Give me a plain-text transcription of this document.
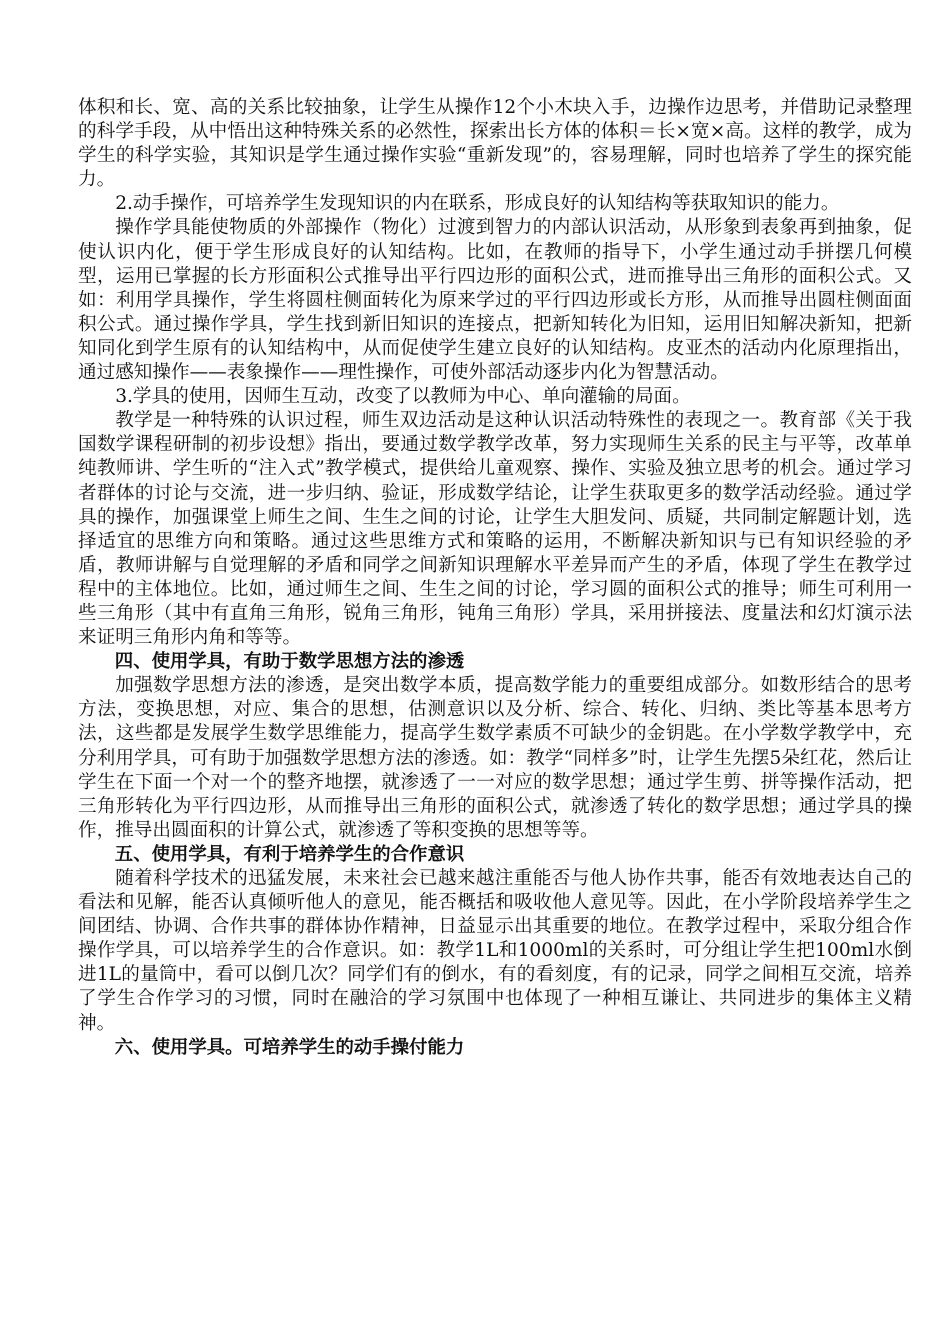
体积和长、宽、高的关系比较抽象，让学生从操作12个小木块入手，边操作边思考，并借助记录整理的科学手段，从中悟出这种特殊关系的必然性，探索出长方体的体积＝长×宽×高。这样的教学，成为学生的科学实验，其知识是学生通过操作实验“重新发现”的，容易理解，同时也培养了学生的探究能力。

2.动手操作，可培养学生发现知识的内在联系，形成良好的认知结构等获取知识的能力。

操作学具能使物质的外部操作（物化）过渡到智力的内部认识活动，从形象到表象再到抽象，促使认识内化，便于学生形成良好的认知结构。比如，在教师的指导下，小学生通过动手拼摆几何模型，运用已掌握的长方形面积公式推导出平行四边形的面积公式，进而推导出三角形的面积公式。又如：利用学具操作，学生将圆柱侧面转化为原来学过的平行四边形或长方形，从而推导出圆柱侧面面积公式。通过操作学具，学生找到新旧知识的连接点，把新知转化为旧知，运用旧知解决新知，把新知同化到学生原有的认知结构中，从而促使学生建立良好的认知结构。皮亚杰的活动内化原理指出，通过感知操作——表象操作——理性操作，可使外部活动逐步内化为智慧活动。

3.学具的使用，因师生互动，改变了以教师为中心、单向灌输的局面。

教学是一种特殊的认识过程，师生双边活动是这种认识活动特殊性的表现之一。教育部《关于我国数学课程研制的初步设想》指出，要通过数学教学改革，努力实现师生关系的民主与平等，改革单纯教师讲、学生听的“注入式”教学模式，提供给儿童观察、操作、实验及独立思考的机会。通过学习者群体的讨论与交流，进一步归纳、验证，形成数学结论，让学生获取更多的数学活动经验。通过学具的操作，加强课堂上师生之间、生生之间的讨论，让学生大胆发问、质疑，共同制定解题计划，选择适宜的思维方向和策略。通过这些思维方式和策略的运用，不断解决新知识与已有知识经验的矛盾，教师讲解与自觉理解的矛盾和同学之间新知识理解水平差异而产生的矛盾，体现了学生在教学过程中的主体地位。比如，通过师生之间、生生之间的讨论，学习圆的面积公式的推导；师生可利用一些三角形（其中有直角三角形，锐角三角形，钝角三角形）学具，采用拼接法、度量法和幻灯演示法来证明三角形内角和等等。

四、使用学具，有助于数学思想方法的渗透

加强数学思想方法的渗透，是突出数学本质，提高数学能力的重要组成部分。如数形结合的思考方法，变换思想，对应、集合的思想，估测意识以及分析、综合、转化、归纳、类比等基本思考方法，这些都是发展学生数学思维能力，提高学生数学素质不可缺少的金钥匙。在小学数学教学中，充分利用学具，可有助于加强数学思想方法的渗透。如：教学“同样多”时，让学生先摆5朵红花，然后让学生在下面一个对一个的整齐地摆，就渗透了一一对应的数学思想；通过学生剪、拼等操作活动，把三角形转化为平行四边形，从而推导出三角形的面积公式，就渗透了转化的数学思想；通过学具的操作，推导出圆面积的计算公式，就渗透了等积变换的思想等等。

五、使用学具，有利于培养学生的合作意识

随着科学技术的迅猛发展，未来社会已越来越注重能否与他人协作共事，能否有效地表达自己的看法和见解，能否认真倾听他人的意见，能否概括和吸收他人意见等。因此，在小学阶段培养学生之间团结、协调、合作共事的群体协作精神，日益显示出其重要的地位。在教学过程中，采取分组合作操作学具，可以培养学生的合作意识。如：教学1L和1000ml的关系时，可分组让学生把100ml水倒进1L的量筒中，看可以倒几次？同学们有的倒水，有的看刻度，有的记录，同学之间相互交流，培养了学生合作学习的习惯，同时在融洽的学习氛围中也体现了一种相互谦让、共同进步的集体主义精神。

六、使用学具。可培养学生的动手操付能力
